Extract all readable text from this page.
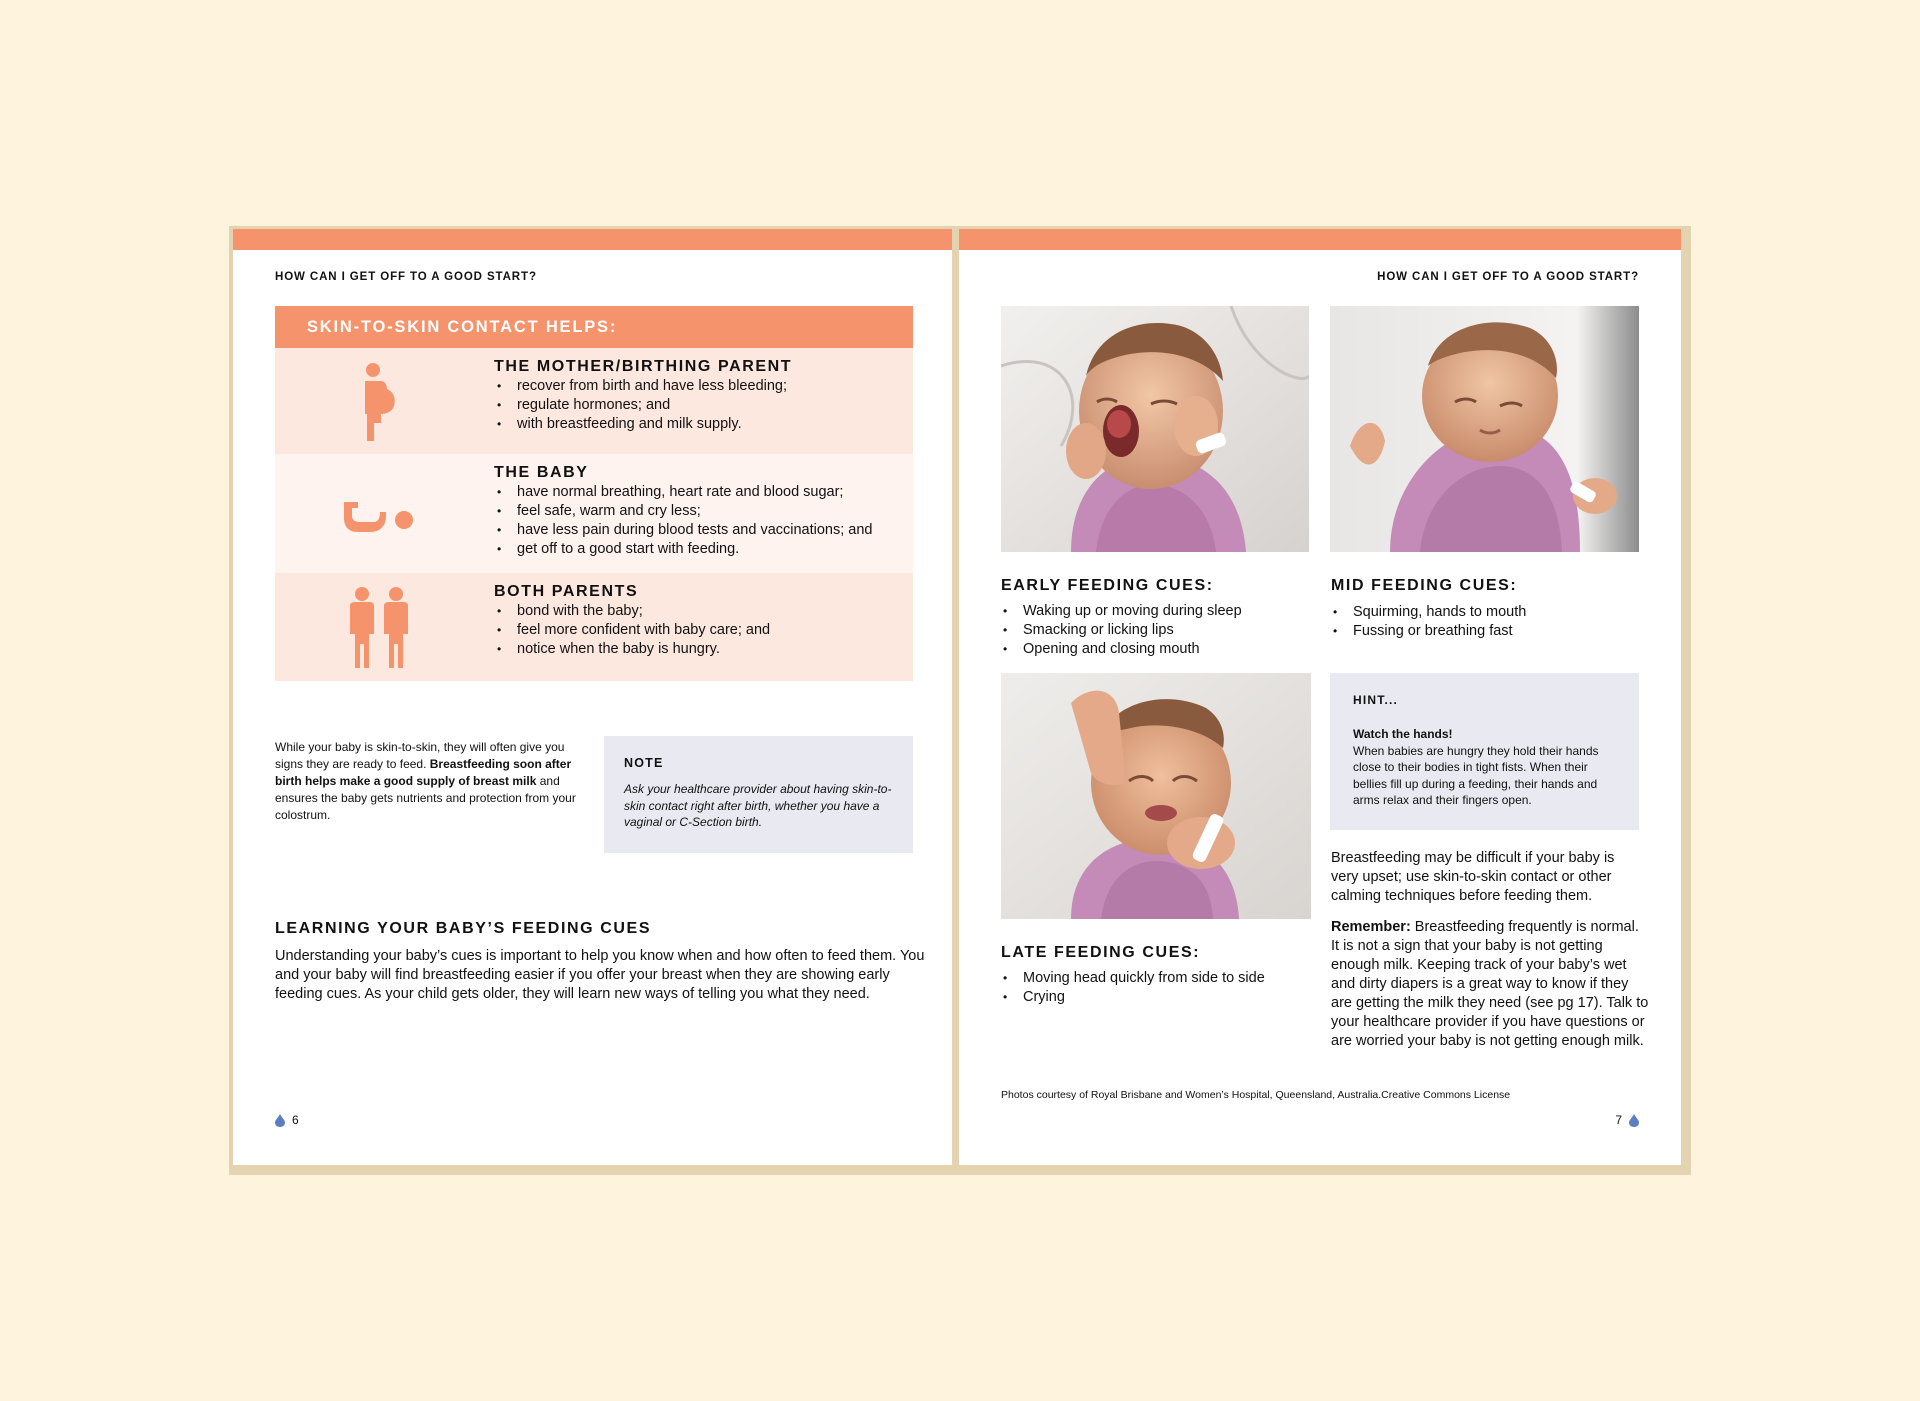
HOW CAN I GET OFF TO A GOOD START?
SKIN-TO-SKIN CONTACT HELPS:
THE MOTHER/BIRTHING PARENT
• recover from birth and have less bleeding;
• regulate hormones; and
• with breastfeeding and milk supply.
THE BABY
• have normal breathing, heart rate and blood sugar;
• feel safe, warm and cry less;
• have less pain during blood tests and vaccinations; and
• get off to a good start with feeding.
BOTH PARENTS
• bond with the baby;
• feel more confident with baby care; and
• notice when the baby is hungry.
While your baby is skin-to-skin, they will often give you signs they are ready to feed. Breastfeeding soon after birth helps make a good supply of breast milk and ensures the baby gets nutrients and protection from your colostrum.
NOTE
Ask your healthcare provider about having skin-to-skin contact right after birth, whether you have a vaginal or C-Section birth.
LEARNING YOUR BABY’S FEEDING CUES
Understanding your baby’s cues is important to help you know when and how often to feed them. You and your baby will find breastfeeding easier if you offer your breast when they are showing early feeding cues. As your child gets older, they will learn new ways of telling you what they need.
6
HOW CAN I GET OFF TO A GOOD START?
EARLY FEEDING CUES:
• Waking up or moving during sleep
• Smacking or licking lips
• Opening and closing mouth
MID FEEDING CUES:
• Squirming, hands to mouth
• Fussing or breathing fast
HINT...
Watch the hands!
When babies are hungry they hold their hands close to their bodies in tight fists. When their bellies fill up during a feeding, their hands and arms relax and their fingers open.
LATE FEEDING CUES:
• Moving head quickly from side to side
• Crying
Breastfeeding may be difficult if your baby is very upset; use skin-to-skin contact or other calming techniques before feeding them.
Remember: Breastfeeding frequently is normal. It is not a sign that your baby is not getting enough milk. Keeping track of your baby’s wet and dirty diapers is a great way to know if they are getting the milk they need (see pg 17). Talk to your healthcare provider if you have questions or are worried your baby is not getting enough milk.
Photos courtesy of Royal Brisbane and Women’s Hospital, Queensland, Australia.Creative Commons License
7
